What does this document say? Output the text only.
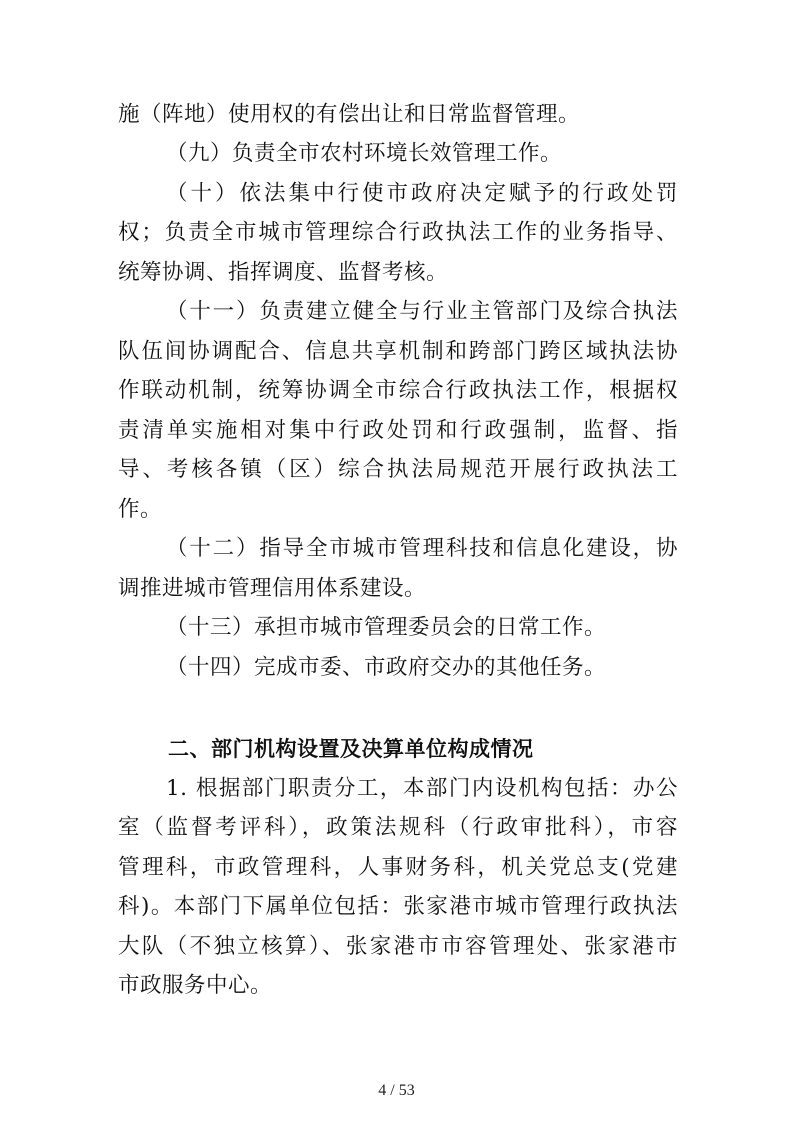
施（阵地）使用权的有偿出让和日常监督管理。
（九）负责全市农村环境长效管理工作。
（十）依法集中行使市政府决定赋予的行政处罚
权；负责全市城市管理综合行政执法工作的业务指导、
统筹协调、指挥调度、监督考核。
（十一）负责建立健全与行业主管部门及综合执法
队伍间协调配合、信息共享机制和跨部门跨区域执法协
作联动机制，统筹协调全市综合行政执法工作，根据权
责清单实施相对集中行政处罚和行政强制，监督、指
导、考核各镇（区）综合执法局规范开展行政执法工
作。
（十二）指导全市城市管理科技和信息化建设，协
调推进城市管理信用体系建设。
（十三）承担市城市管理委员会的日常工作。
（十四）完成市委、市政府交办的其他任务。
二、部门机构设置及决算单位构成情况
1. 根据部门职责分工，本部门内设机构包括：办公
室（监督考评科），政策法规科（行政审批科），市容
管理科，市政管理科，人事财务科，机关党总支(党建
科)。本部门下属单位包括：张家港市城市管理行政执法
大队（不独立核算）、张家港市市容管理处、张家港市
市政服务中心。
4 / 53
